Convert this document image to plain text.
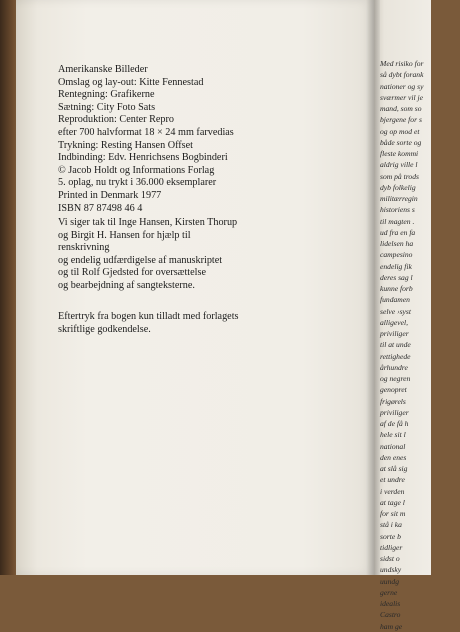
Amerikanske Billeder
Omslag og lay-out: Kitte Fennestad
Rentegning: Grafikerne
Sætning: City Foto Sats
Reproduktion: Center Repro
efter 700 halvformat 18 × 24 mm farvedias
Trykning: Resting Hansen Offset
Indbinding: Edv. Henrichsens Bogbinderi
© Jacob Holdt og Informations Forlag
5. oplag, nu trykt i 36.000 eksemplarer
Printed in Denmark 1977
ISBN 87 87498 46 4
Vi siger tak til Inge Hansen, Kirsten Thorup
og Birgit H. Hansen for hjælp til
renskrivning
og endelig udfærdigelse af manuskriptet
og til Rolf Gjedsted for oversættelse
og bearbejdning af sangteksterne.
Eftertryk fra bogen kun tilladt med forlagets
skriftlige godkendelse.
Med risiko for
så dybt forank
nationer og sy
sværmer vil je
mand, som so
bjergene for s
og op mod et
både sorte og
fleste kommi
aldrig ville l
som på trods
dyb folkelig
militærregin
historiens s
til magten .
ud fra en fa
lidelsen ha
campesino
endelig fik
deres sag l
kunne forb
fundamen
selve ›syst
alligevel,
priviliger
til at unde
rettighede
århundre
og negren
genopret
frigørels
priviliger
af de få h
hele sit l
national
den enes
at slå sig
et undre
i verden
at tage l
for sit m
stå i ka
sorte b
tidliger
sidst o
undsky
uundg
gerne
idealis
Castro
ham ge
